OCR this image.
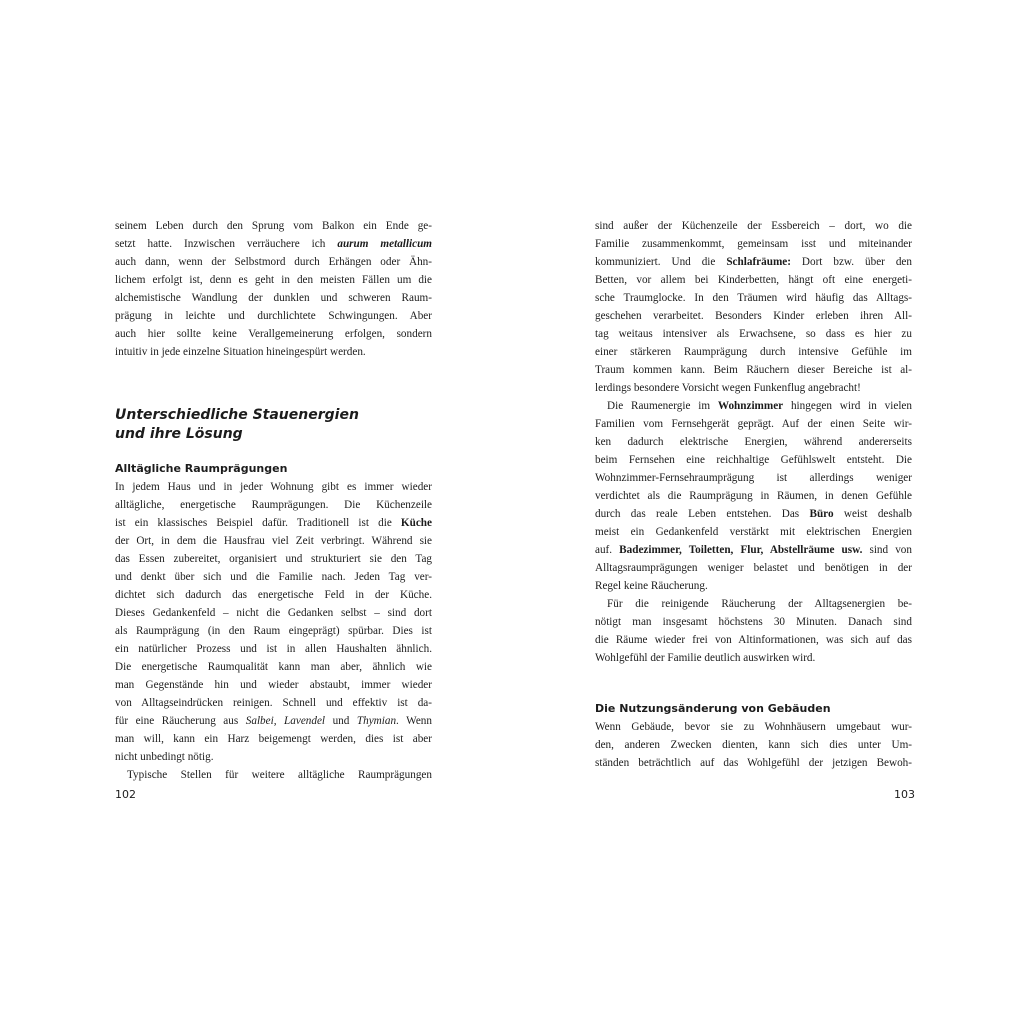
seinem Leben durch den Sprung vom Balkon ein Ende ge-
setzt hatte. Inzwischen verräuchere ich aurum metallicum
auch dann, wenn der Selbstmord durch Erhängen oder Ähn-
lichem erfolgt ist, denn es geht in den meisten Fällen um die
alchemistische Wandlung der dunklen und schweren Raum-
prägung in leichte und durchlichtete Schwingungen. Aber
auch hier sollte keine Verallgemeinerung erfolgen, sondern
intuitiv in jede einzelne Situation hineingespürt werden.
Unterschiedliche Stauenergien
und ihre Lösung
Alltägliche Raumprägungen
In jedem Haus und in jeder Wohnung gibt es immer wieder
alltägliche, energetische Raumprägungen. Die Küchenzeile
ist ein klassisches Beispiel dafür. Traditionell ist die Küche
der Ort, in dem die Hausfrau viel Zeit verbringt. Während sie
das Essen zubereitet, organisiert und strukturiert sie den Tag
und denkt über sich und die Familie nach. Jeden Tag ver-
dichtet sich dadurch das energetische Feld in der Küche.
Dieses Gedankenfeld – nicht die Gedanken selbst – sind dort
als Raumprägung (in den Raum eingeprägt) spürbar. Dies ist
ein natürlicher Prozess und ist in allen Haushalten ähnlich.
Die energetische Raumqualität kann man aber, ähnlich wie
man Gegenstände hin und wieder abstaubt, immer wieder
von Alltagseindrücken reinigen. Schnell und effektiv ist da-
für eine Räucherung aus Salbei, Lavendel und Thymian. Wenn
man will, kann ein Harz beigemengt werden, dies ist aber
nicht unbedingt nötig.
Typische Stellen für weitere alltägliche Raumprägungen
102
sind außer der Küchenzeile der Essbereich – dort, wo die
Familie zusammenkommt, gemeinsam isst und miteinander
kommuniziert. Und die Schlafräume: Dort bzw. über den
Betten, vor allem bei Kinderbetten, hängt oft eine energeti-
sche Traumglocke. In den Träumen wird häufig das Alltags-
geschehen verarbeitet. Besonders Kinder erleben ihren All-
tag weitaus intensiver als Erwachsene, so dass es hier zu
einer stärkeren Raumprägung durch intensive Gefühle im
Traum kommen kann. Beim Räuchern dieser Bereiche ist al-
lerdings besondere Vorsicht wegen Funkenflug angebracht!
Die Raumenergie im Wohnzimmer hingegen wird in vielen
Familien vom Fernsehgerät geprägt. Auf der einen Seite wir-
ken dadurch elektrische Energien, während andererseits
beim Fernsehen eine reichhaltige Gefühlswelt entsteht. Die
Wohnzimmer-Fernsehraumprägung ist allerdings weniger
verdichtet als die Raumprägung in Räumen, in denen Gefühle
durch das reale Leben entstehen. Das Büro weist deshalb
meist ein Gedankenfeld verstärkt mit elektrischen Energien
auf. Badezimmer, Toiletten, Flur, Abstellräume usw. sind von
Alltagsraumprägungen weniger belastet und benötigen in der
Regel keine Räucherung.
Für die reinigende Räucherung der Alltagsenergien be-
nötigt man insgesamt höchstens 30 Minuten. Danach sind
die Räume wieder frei von Altinformationen, was sich auf das
Wohlgefühl der Familie deutlich auswirken wird.
Die Nutzungsänderung von Gebäuden
Wenn Gebäude, bevor sie zu Wohnhäusern umgebaut wur-
den, anderen Zwecken dienten, kann sich dies unter Um-
ständen beträchtlich auf das Wohlgefühl der jetzigen Bewoh-
103
